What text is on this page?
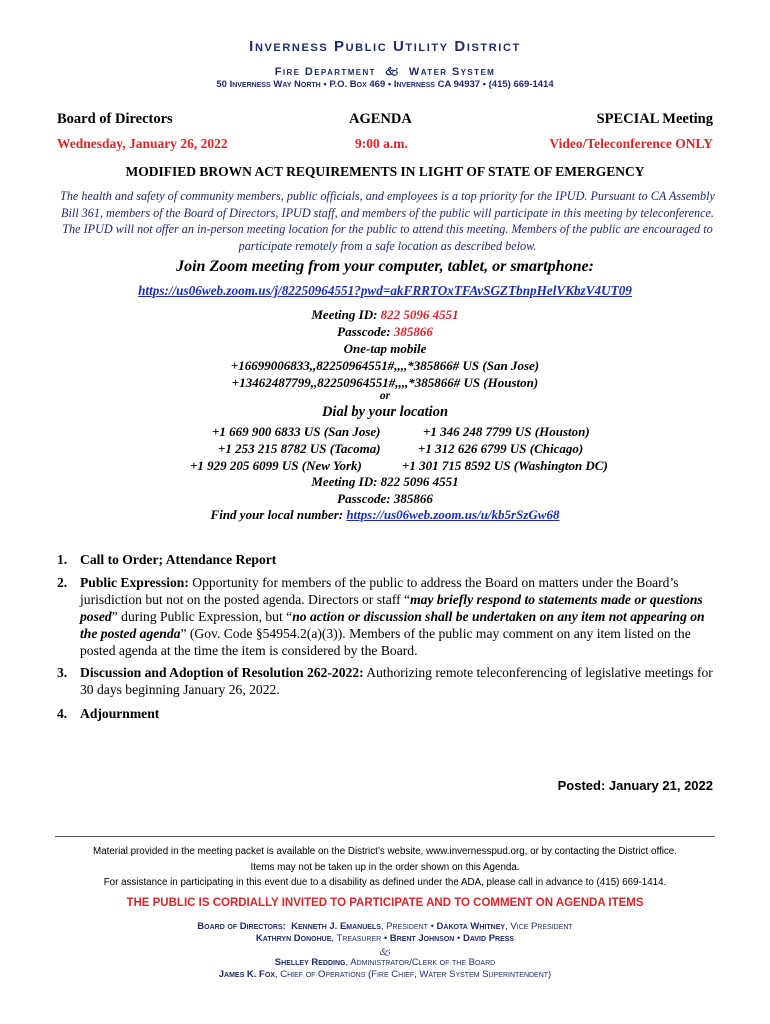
Inverness Public Utility District
Fire Department 🙵 Water System
50 Inverness Way North • P.O. Box 469 • Inverness CA 94937 • (415) 669-1414
Board of Directors	AGENDA	SPECIAL Meeting
Wednesday, January 26, 2022	9:00 a.m.	Video/Teleconference ONLY
MODIFIED BROWN ACT REQUIREMENTS IN LIGHT OF STATE OF EMERGENCY
The health and safety of community members, public officials, and employees is a top priority for the IPUD. Pursuant to CA Assembly Bill 361, members of the Board of Directors, IPUD staff, and members of the public will participate in this meeting by teleconference. The IPUD will not offer an in-person meeting location for the public to attend this meeting. Members of the public are encouraged to participate remotely from a safe location as described below.
Join Zoom meeting from your computer, tablet, or smartphone:
https://us06web.zoom.us/j/82250964551?pwd=akFRRTOxTFAvSGZTbnpHelVKbzV4UT09
Meeting ID: 822 5096 4551
Passcode: 385866
One-tap mobile
+16699006833,,82250964551#,,,,*385866# US (San Jose)
+13462487799,,82250964551#,,,,*385866# US (Houston)
or
Dial by your location
+1 669 900 6833 US (San Jose)	+1 346 248 7799 US (Houston)
+1 253 215 8782 US (Tacoma)	+1 312 626 6799 US (Chicago)
+1 929 205 6099 US (New York)	+1 301 715 8592 US (Washington DC)
Meeting ID: 822 5096 4551
Passcode: 385866
Find your local number: https://us06web.zoom.us/u/kb5rSzGw68
1. Call to Order; Attendance Report
2. Public Expression: Opportunity for members of the public to address the Board on matters under the Board’s jurisdiction but not on the posted agenda. Directors or staff “may briefly respond to statements made or questions posed” during Public Expression, but “no action or discussion shall be undertaken on any item not appearing on the posted agenda” (Gov. Code §54954.2(a)(3)). Members of the public may comment on any item listed on the posted agenda at the time the item is considered by the Board.
3. Discussion and Adoption of Resolution 262-2022: Authorizing remote teleconferencing of legislative meetings for 30 days beginning January 26, 2022.
4. Adjournment
Posted: January 21, 2022
Material provided in the meeting packet is available on the District’s website, www.invernesspud.org, or by contacting the District office.
Items may not be taken up in the order shown on this Agenda.
For assistance in participating in this event due to a disability as defined under the ADA, please call in advance to (415) 669-1414.
THE PUBLIC IS CORDIALLY INVITED TO PARTICIPATE AND TO COMMENT ON AGENDA ITEMS
Board of Directors: Kenneth J. Emanuels, President • Dakota Whitney, Vice President
Kathryn Donohue, Treasurer • Brent Johnson • David Press
🙵
Shelley Redding, Administrator/Clerk of the Board
James K. Fox, Chief of Operations (Fire Chief, Water System Superintendent)
